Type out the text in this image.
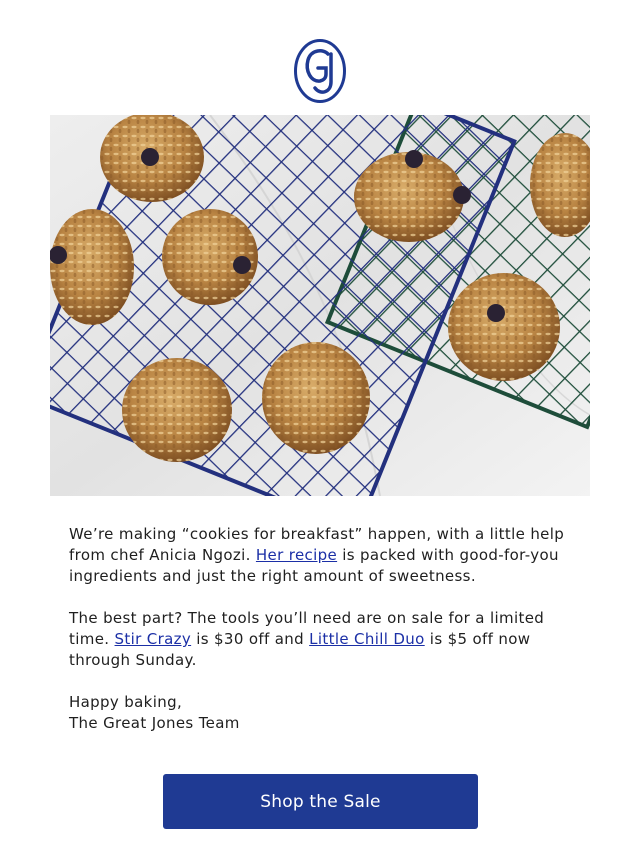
We’re making “cookies for breakfast” happen, with a little help from chef Anicia Ngozi. Her recipe is packed with good-for-you ingredients and just the right amount of sweetness.

The best part? The tools you’ll need are on sale for a limited time. Stir Crazy is $30 off and Little Chill Duo is $5 off now through Sunday.

Happy baking,
The Great Jones Team

Shop the Sale
